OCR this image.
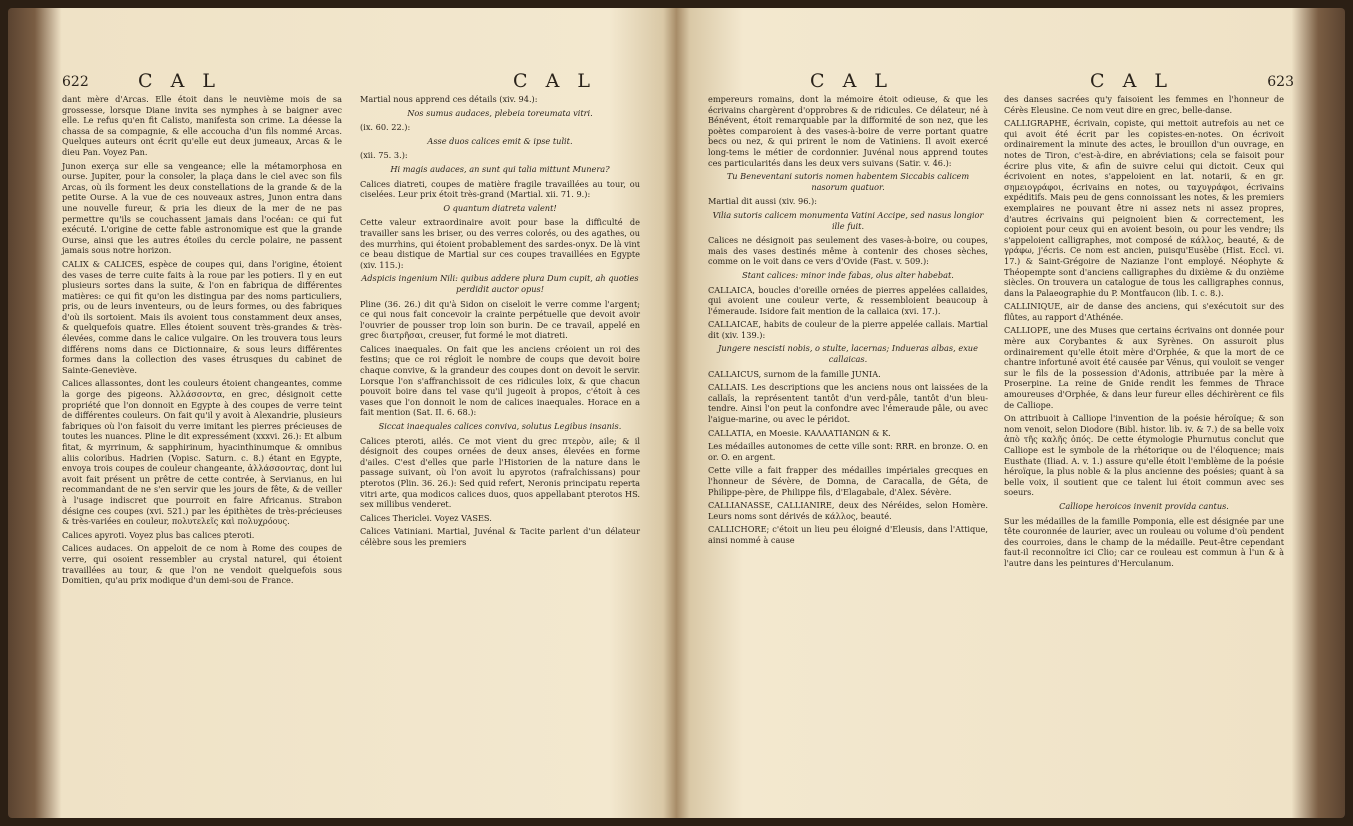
622	C A L	C A L

dant mère d'Arcas. Elle étoit dans le neuvième mois de sa grossesse, lorsque Diane invita ses nymphes à se baigner avec elle. Le refus qu'en fit Calisto, manifesta son crime. La déesse la chassa de sa compagnie, & elle accoucha d'un fils nommé Arcas. Quelques auteurs ont écrit qu'elle eut deux jumeaux, Arcas & le dieu Pan. Voyez Pan.

Junon exerça sur elle sa vengeance; elle la métamorphosa en ourse. Jupiter, pour la consoler, la plaça dans le ciel avec son fils Arcas, où ils forment les deux constellations de la grande & de la petite Ourse. A la vue de ces nouveaux astres, Junon entra dans une nouvelle fureur, & pria les dieux de la mer de ne pas permettre qu'ils se couchassent jamais dans l'océan: ce qui fut exécuté. L'origine de cette fable astronomique est que la grande Ourse, ainsi que les autres étoiles du cercle polaire, ne passent jamais sous notre horizon.

CALIX & CALICES, espèce de coupes qui, dans l'origine, étoient des vases de terre cuite faits à la roue par les potiers. Il y en eut plusieurs sortes dans la suite, & l'on en fabriqua de différentes matières: ce qui fit qu'on les distingua par des noms particuliers, pris, ou de leurs inventeurs, ou de leurs formes, ou des fabriques d'où ils sortoient. Mais ils avoient tous constamment deux anses, & quelquefois quatre. Elles étoient souvent très-grandes & très-élevées, comme dans le calice vulgaire. On les trouvera tous leurs différens noms dans ce Dictionnaire, & sous leurs différentes formes dans la collection des vases étrusques du cabinet de Sainte-Geneviève.

Calices allassontes, dont les couleurs étoient changeantes, comme la gorge des pigeons. Ἀλλάσσοντα, en grec, désignoit cette propriété que l'on donnoit en Egypte à des coupes de verre teint de différentes couleurs. On fait qu'il y avoit à Alexandrie, plusieurs fabriques où l'on faisoit du verre imitant les pierres précieuses de toutes les nuances. Pline le dit expressément (xxxvi. 26.): Et album fitat, & myrrinum, & sapphirinum, hyacinthinumque & omnibus aliis coloribus. Hadrien (Vopisc. Saturn. c. 8.) étant en Egypte, envoya trois coupes de couleur changeante, ἀλλάσσοντας, dont lui avoit fait présent un prêtre de cette contrée, à Servianus, en lui recommandant de ne s'en servir que les jours de fête, & de veiller à l'usage indiscret que pourroit en faire Africanus. Strabon désigne ces coupes (xvi. 521.) par les épithètes de très-précieuses & très-variées en couleur, πολυτελεῖς καὶ πολυχρόους.

Calices apyroti. Voyez plus bas calices pteroti.

Calices audaces. On appeloit de ce nom à Rome des coupes de verre, qui osoient ressembler au crystal naturel, qui étoient travaillées au tour, & que l'on ne vendoit quelquefois sous Domitien, qu'au prix modique d'un demi-sou de France.

Martial nous apprend ces détails (xiv. 94.):

Nos sumus audaces, plebeia toreumata vitri.

(ix. 60. 22.):

Asse duos calices emit & ipse tulit.

(xii. 75. 3.):

Hi magis audaces, an sunt qui talia mittunt Munera?

Calices diatreti, coupes de matière fragile travaillées au tour, ou ciselées. Leur prix étoit très-grand (Martial. xii. 71. 9.):

O quantum diatreta valent!

Cette valeur extraordinaire avoit pour base la difficulté de travailler sans les briser, ou des verres colorés, ou des agathes, ou des murrhins, qui étoient probablement des sardes-onyx. De là vint ce beau distique de Martial sur ces coupes travaillées en Egypte (xiv. 115.):

Adspicis ingenium Nili: quibus addere plura Dum cupit, ah quoties perdidit auctor opus!

Pline (36. 26.) dit qu'à Sidon on ciseloit le verre comme l'argent; ce qui nous fait concevoir la crainte perpétuelle que devoit avoir l'ouvrier de pousser trop loin son burin. De ce travail, appelé en grec διατρῆσαι, creuser, fut formé le mot diatreti.

Calices inaequales. On fait que les anciens créoient un roi des festins; que ce roi régloit le nombre de coups que devoit boire chaque convive, & la grandeur des coupes dont on devoit le servir. Lorsque l'on s'affranchissoit de ces ridicules loix, & que chacun pouvoit boire dans tel vase qu'il jugeoit à propos, c'étoit à ces vases que l'on donnoit le nom de calices inaequales. Horace en a fait mention (Sat. II. 6. 68.):

Siccat inaequales calices conviva, solutus Legibus insanis.

Calices pteroti, ailés. Ce mot vient du grec πτερὸν, aile; & il désignoit des coupes ornées de deux anses, élevées en forme d'ailes. C'est d'elles que parle l'Historien de la nature dans le passage suivant, où l'on avoit lu apyrotos (rafraîchissans) pour pterotos (Plin. 36. 26.): Sed quid refert, Neronis principatu reperta vitri arte, qua modicos calices duos, quos appellabant pterotos HS. sex millibus venderet.

Calices Thericlei. Voyez VASES.

Calices Vatiniani. Martial, Juvénal & Tacite parlent d'un délateur célèbre sous les premiers

C A L	C A L	623

empereurs romains, dont la mémoire étoit odieuse, & que les écrivains chargèrent d'opprobres & de ridicules. Ce délateur, né à Bénévent, étoit remarquable par la difformité de son nez, que les poètes comparoient à des vases-à-boire de verre portant quatre becs ou nez, & qui prirent le nom de Vatiniens. Il avoit exercé long-tems le métier de cordonnier. Juvénal nous apprend toutes ces particularités dans les deux vers suivans (Satir. v. 46.):

Tu Beneventani sutoris nomen habentem Siccabis calicem nasorum quatuor.

Martial dit aussi (xiv. 96.):

Vilia sutoris calicem monumenta Vatini Accipe, sed nasus longior ille fuit.

Calices ne désignoit pas seulement des vases-à-boire, ou coupes, mais des vases destinés même à contenir des choses sèches, comme on le voit dans ce vers d'Ovide (Fast. v. 509.):

Stant calices: minor inde fabas, olus alter habebat.

CALLAICA, boucles d'oreille ornées de pierres appelées callaides, qui avoient une couleur verte, & ressembloient beaucoup à l'émeraude. Isidore fait mention de la callaica (xvi. 17.).

CALLAICAE, habits de couleur de la pierre appelée callais. Martial dit (xiv. 139.):

Jungere nescisti nobis, o stulte, lacernas; Indueras albas, exue callaicas.

CALLAICUS, surnom de la famille JUNIA.

CALLAIS. Les descriptions que les anciens nous ont laissées de la callaïs, la représentent tantôt d'un verd-pâle, tantôt d'un bleu-tendre. Ainsi l'on peut la confondre avec l'émeraude pâle, ou avec l'aigue-marine, ou avec le péridot.

CALLATIA, en Moesie. ΚΑΛΛΑΤΙΑΝΩΝ & K.

Les médailles autonomes de cette ville sont: RRR. en bronze. O. en or. O. en argent.

Cette ville a fait frapper des médailles impériales grecques en l'honneur de Sévère, de Domna, de Caracalla, de Géta, de Philippe-père, de Philippe fils, d'Elagabale, d'Alex. Sévère.

CALLIANASSE, CALLIANIRE, deux des Néréides, selon Homère. Leurs noms sont dérivés de κάλλος, beauté.

CALLICHORE; c'étoit un lieu peu éloigné d'Eleusis, dans l'Attique, ainsi nommé à cause

des danses sacrées qu'y faisoient les femmes en l'honneur de Cérès Eleusine. Ce nom veut dire en grec, belle-danse.

CALLIGRAPHE, écrivain, copiste, qui mettoit autrefois au net ce qui avoit été écrit par les copistes-en-notes. On écrivoit ordinairement la minute des actes, le brouillon d'un ouvrage, en notes de Tiron, c'est-à-dire, en abréviations; cela se faisoit pour écrire plus vite, & afin de suivre celui qui dictoit. Ceux qui écrivoient en notes, s'appeloient en lat. notarii, & en gr. σημειογράφοι, écrivains en notes, ou ταχυγράφοι, écrivains expéditifs. Mais peu de gens connoissant les notes, & les premiers exemplaires ne pouvant être ni assez nets ni assez propres, d'autres écrivains qui peignoient bien & correctement, les copioient pour ceux qui en avoient besoin, ou pour les vendre; ils s'appeloient calligraphes, mot composé de κάλλος, beauté, & de γράφω, j'écris. Ce nom est ancien, puisqu'Eusèbe (Hist. Eccl. vi. 17.) & Saint-Grégoire de Nazianze l'ont employé. Néophyte & Théopempte sont d'anciens calligraphes du dixième & du onzième siècles. On trouvera un catalogue de tous les calligraphes connus, dans la Palaeographie du P. Montfaucon (lib. I. c. 8.).

CALLINIQUE, air de danse des anciens, qui s'exécutoit sur des flûtes, au rapport d'Athénée.

CALLIOPE, une des Muses que certains écrivains ont donnée pour mère aux Corybantes & aux Syrènes. On assuroit plus ordinairement qu'elle étoit mère d'Orphée, & que la mort de ce chantre infortuné avoit été causée par Vénus, qui vouloit se venger sur le fils de la possession d'Adonis, attribuée par la mère à Proserpine. La reine de Gnide rendit les femmes de Thrace amoureuses d'Orphée, & dans leur fureur elles déchirèrent ce fils de Calliope.

On attribuoit à Calliope l'invention de la poésie héroïque; & son nom venoit, selon Diodore (Bibl. histor. lib. iv. & 7.) de sa belle voix ἀπὸ τῆς καλῆς ὀπός. De cette étymologie Phurnutus conclut que Calliope est le symbole de la rhétorique ou de l'éloquence; mais Eusthate (Iliad. A. v. 1.) assure qu'elle étoit l'emblème de la poésie héroïque, la plus noble & la plus ancienne des poésies; quant à sa belle voix, il soutient que ce talent lui étoit commun avec ses soeurs.

Calliope heroicos invenit provida cantus.

Sur les médailles de la famille Pomponia, elle est désignée par une tête couronnée de laurier, avec un rouleau ou volume d'où pendent des courroies, dans le champ de la médaille. Peut-être cependant faut-il reconnoître ici Clio; car ce rouleau est commun à l'un & à l'autre dans les peintures d'Herculanum.
